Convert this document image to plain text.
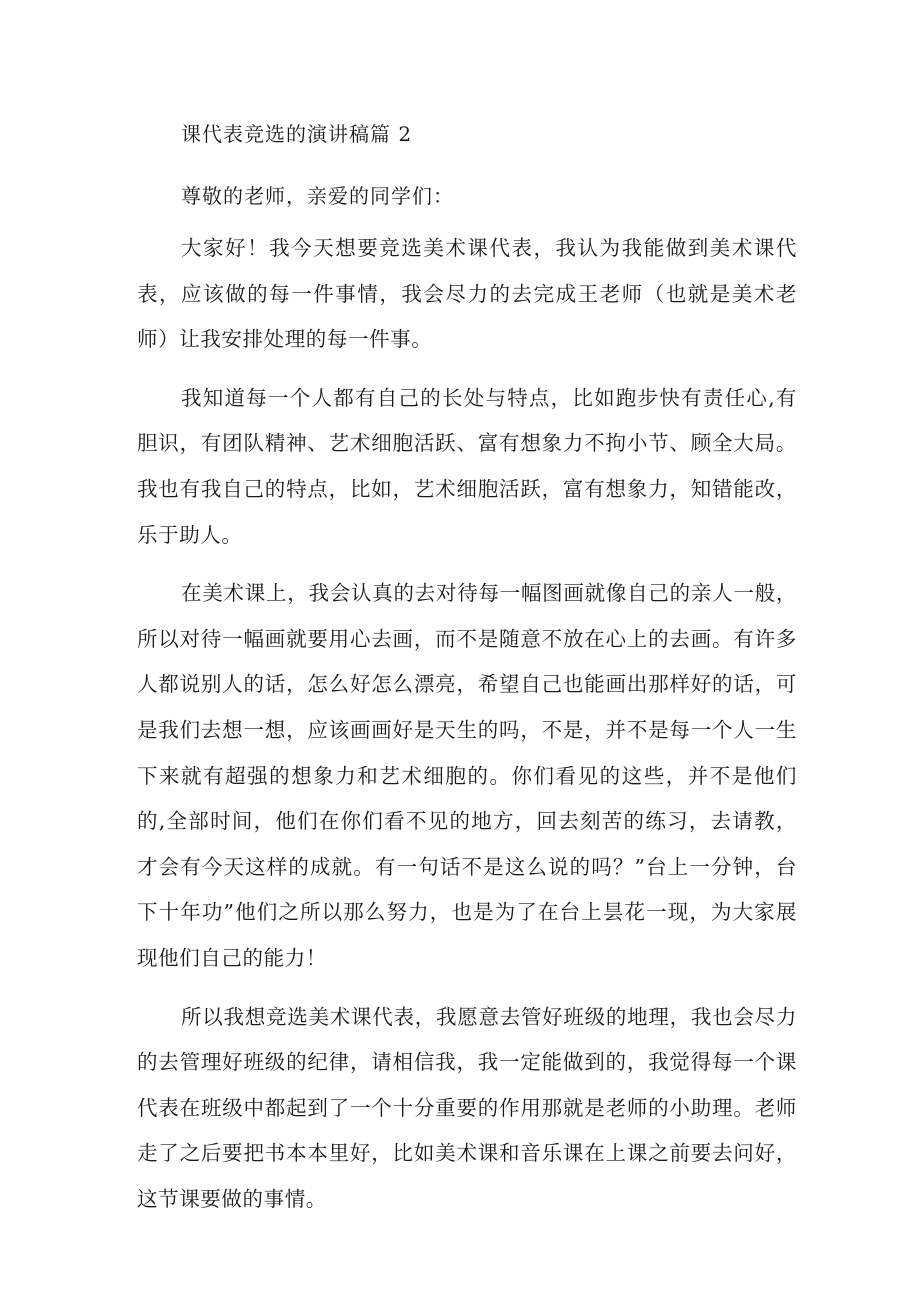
课代表竞选的演讲稿篇 2

尊敬的老师，亲爱的同学们：

大家好！我今天想要竞选美术课代表，我认为我能做到美术课代表，应该做的每一件事情，我会尽力的去完成王老师（也就是美术老师）让我安排处理的每一件事。

我知道每一个人都有自己的长处与特点，比如跑步快有责任心,有胆识，有团队精神、艺术细胞活跃、富有想象力不拘小节、顾全大局。我也有我自己的特点，比如，艺术细胞活跃，富有想象力，知错能改，乐于助人。

在美术课上，我会认真的去对待每一幅图画就像自己的亲人一般，所以对待一幅画就要用心去画，而不是随意不放在心上的去画。有许多人都说别人的话，怎么好怎么漂亮，希望自己也能画出那样好的话，可是我们去想一想，应该画画好是天生的吗，不是，并不是每一个人一生下来就有超强的想象力和艺术细胞的。你们看见的这些，并不是他们的,全部时间，他们在你们看不见的地方，回去刻苦的练习，去请教，才会有今天这样的成就。有一句话不是这么说的吗？”台上一分钟，台下十年功”他们之所以那么努力，也是为了在台上昙花一现，为大家展现他们自己的能力！

所以我想竞选美术课代表，我愿意去管好班级的地理，我也会尽力的去管理好班级的纪律，请相信我，我一定能做到的，我觉得每一个课代表在班级中都起到了一个十分重要的作用那就是老师的小助理。老师走了之后要把书本本里好，比如美术课和音乐课在上课之前要去问好，这节课要做的事情。
